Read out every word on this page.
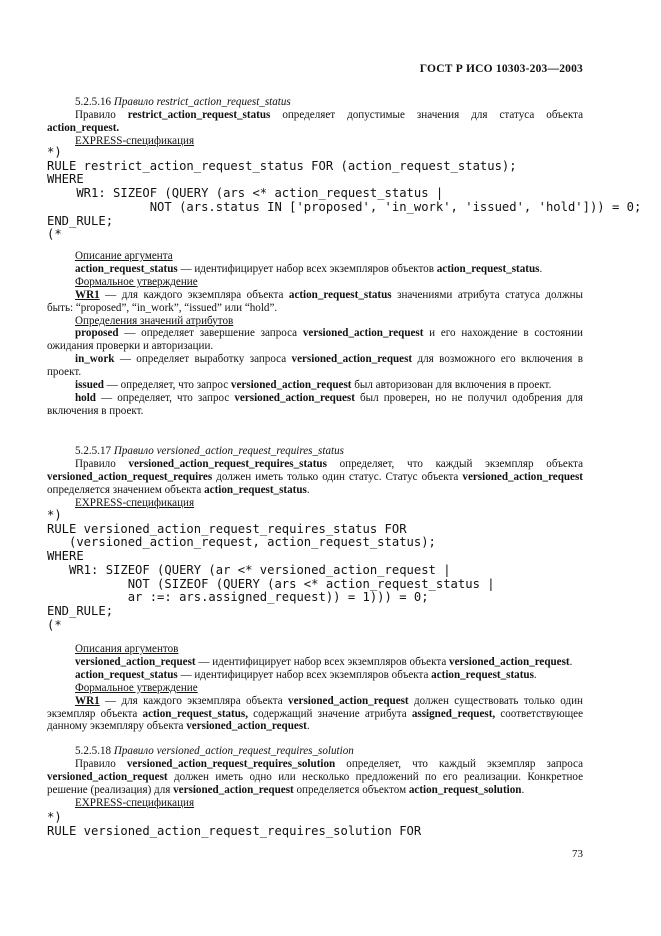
ГОСТ Р ИСО 10303-203—2003

5.2.5.16 Правило restrict_action_request_status

Правило restrict_action_request_status определяет допустимые значения для статуса объекта action_request.

EXPRESS-спецификация

*)
RULE restrict_action_request_status FOR (action_request_status);
WHERE
WR1: SIZEOF (QUERY (ars <* action_request_status |
NOT (ars.status IN ['proposed', 'in_work', 'issued', 'hold'])) = 0;
END_RULE;
(*

Описание аргумента

action_request_status — идентифицирует набор всех экземпляров объектов action_request_status.

Формальное утверждение

WR1 — для каждого экземпляра объекта action_request_status значениями атрибута статуса должны быть: “proposed”, “in_work”, “issued” или “hold”.

Определения значений атрибутов

proposed — определяет завершение запроса versioned_action_request и его нахождение в состоянии ожидания проверки и авторизации.

in_work — определяет выработку запроса versioned_action_request для возможного его включения в проект.

issued — определяет, что запрос versioned_action_request был авторизован для включения в проект.

hold — определяет, что запрос versioned_action_request был проверен, но не получил одобрения для включения в проект.

5.2.5.17 Правило versioned_action_request_requires_status

Правило versioned_action_request_requires_status определяет, что каждый экземпляр объекта versioned_action_request_requires должен иметь только один статус. Статус объекта versioned_action_request определяется значением объекта action_request_status.

EXPRESS-спецификация

*)
RULE versioned_action_request_requires_status FOR
(versioned_action_request, action_request_status);
WHERE
WR1: SIZEOF (QUERY (ar <* versioned_action_request |
NOT (SIZEOF (QUERY (ars <* action_request_status |
ar :=: ars.assigned_request)) = 1))) = 0;
END_RULE;
(*

Описания аргументов

versioned_action_request — идентифицирует набор всех экземпляров объекта versioned_action_request.

action_request_status — идентифицирует набор всех экземпляров объекта action_request_status.

Формальное утверждение

WR1 — для каждого экземпляра объекта versioned_action_request должен существовать только один экземпляр объекта action_request_status, содержащий значение атрибута assigned_request, соответствующее данному экземпляру объекта versioned_action_request.

5.2.5.18 Правило versioned_action_request_requires_solution

Правило versioned_action_request_requires_solution определяет, что каждый экземпляр запроса versioned_action_request должен иметь одно или несколько предложений по его реализации. Конкретное решение (реализация) для versioned_action_request определяется объектом action_request_solution.

EXPRESS-спецификация

*)
RULE versioned_action_request_requires_solution FOR
73
